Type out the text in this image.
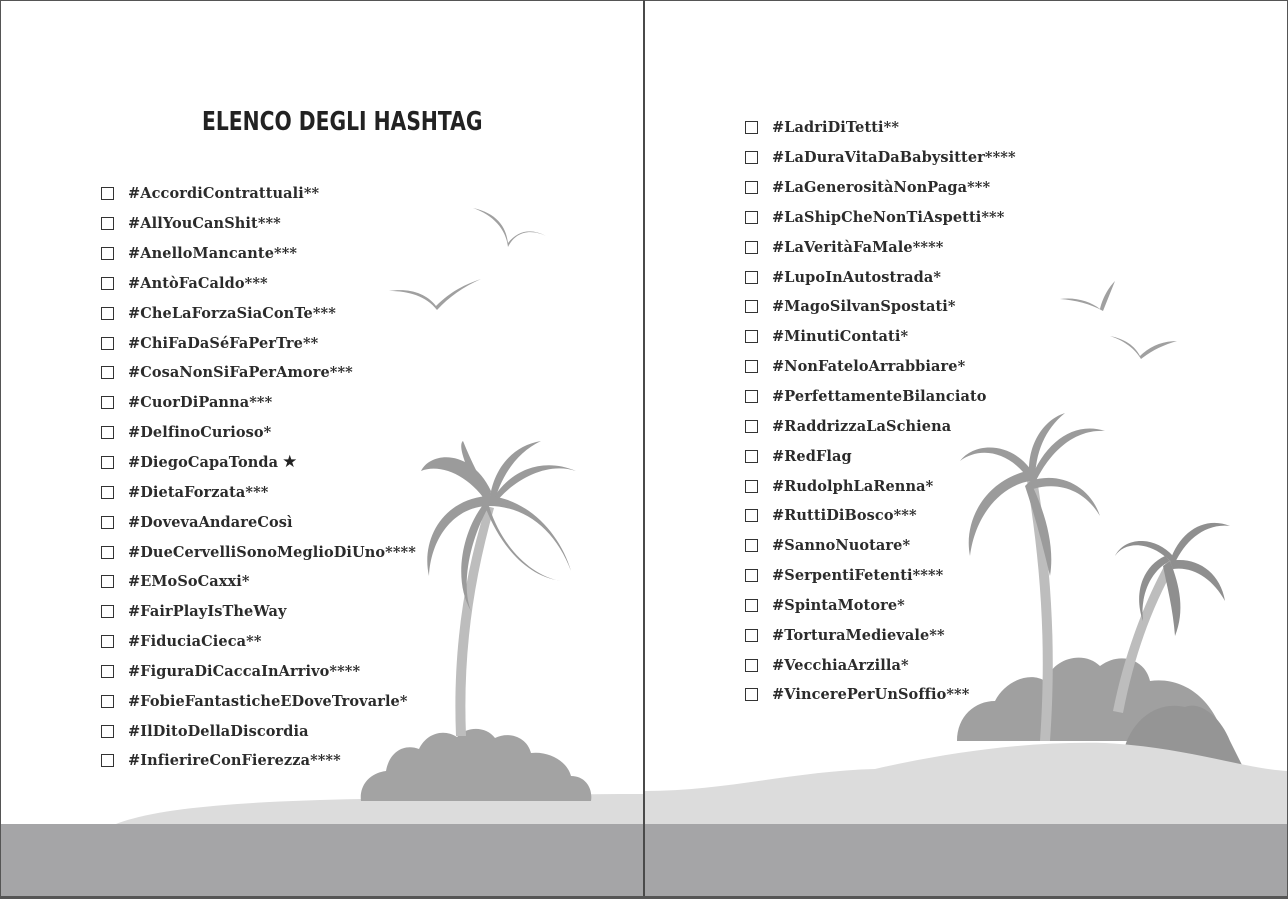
ELENCO DEGLI HASHTAG
#AccordiContrattuali**
#AllYouCanShit***
#AnelloMancante***
#AntòFaCaldo***
#CheLaForzaSiaConTe***
#ChiFaDaSéFaPerTre**
#CosaNonSiFaPerAmore***
#CuorDiPanna***
#DelfinoCurioso*
#DiegoCapaTonda ★
#DietaForzata***
#DovevaAndareCosì
#DueCervelliSonoMeglioDiUno****
#EMoSoCaxxi*
#FairPlayIsTheWay
#FiduciaCieca**
#FiguraDiCaccaInArrivo****
#FobieFantasticheEDoveTrovarle*
#IlDitoDellaDiscordia
#InfierireConFierezza****
#LadriDiTetti**
#LaDuraVitaDaBabysitter****
#LaGenerositàNonPaga***
#LaShipCheNonTiAspetti***
#LaVeritàFaMale****
#LupoInAutostrada*
#MagoSilvanSpostati*
#MinutiContati*
#NonFateloArrabbiare*
#PerfettamenteBilanciato
#RaddrizzaLaSchiena
#RedFlag
#RudolphLaRenna*
#RuttiDiBosco***
#SannoNuotare*
#SerpentiFetenti****
#SpintaMotore*
#TorturaMedievale**
#VecchiaArzilla*
#VincerePerUnSoffio***
